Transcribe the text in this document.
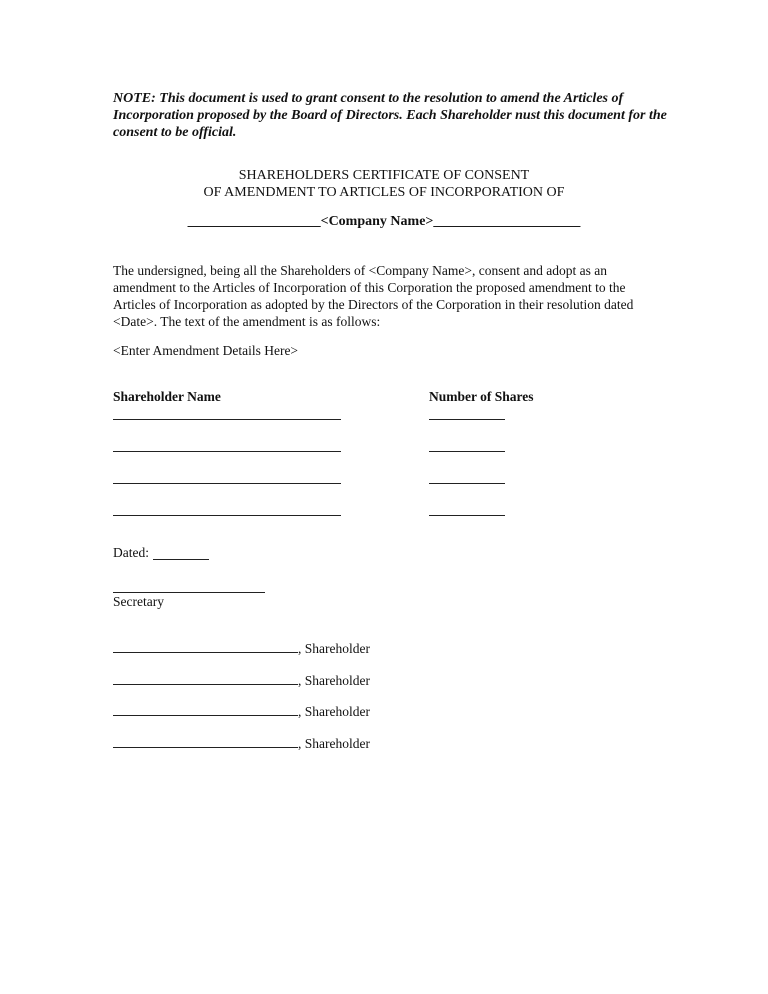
NOTE: This document is used to grant consent to the resolution to amend the Articles of Incorporation proposed by the Board of Directors. Each Shareholder nust this document for the consent to be official.
SHAREHOLDERS CERTIFICATE OF CONSENT
OF AMENDMENT TO ARTICLES OF INCORPORATION OF
___________________<Company Name>_____________________
The undersigned, being all the Shareholders of <Company Name>, consent and adopt as an amendment to the Articles of Incorporation of this Corporation the proposed amendment to the Articles of Incorporation as adopted by the Directors of the Corporation in their resolution dated <Date>. The text of the amendment is as follows:
<Enter Amendment Details Here>
Shareholder Name	Number of Shares
Dated:
Secretary
, Shareholder
, Shareholder
, Shareholder
, Shareholder
